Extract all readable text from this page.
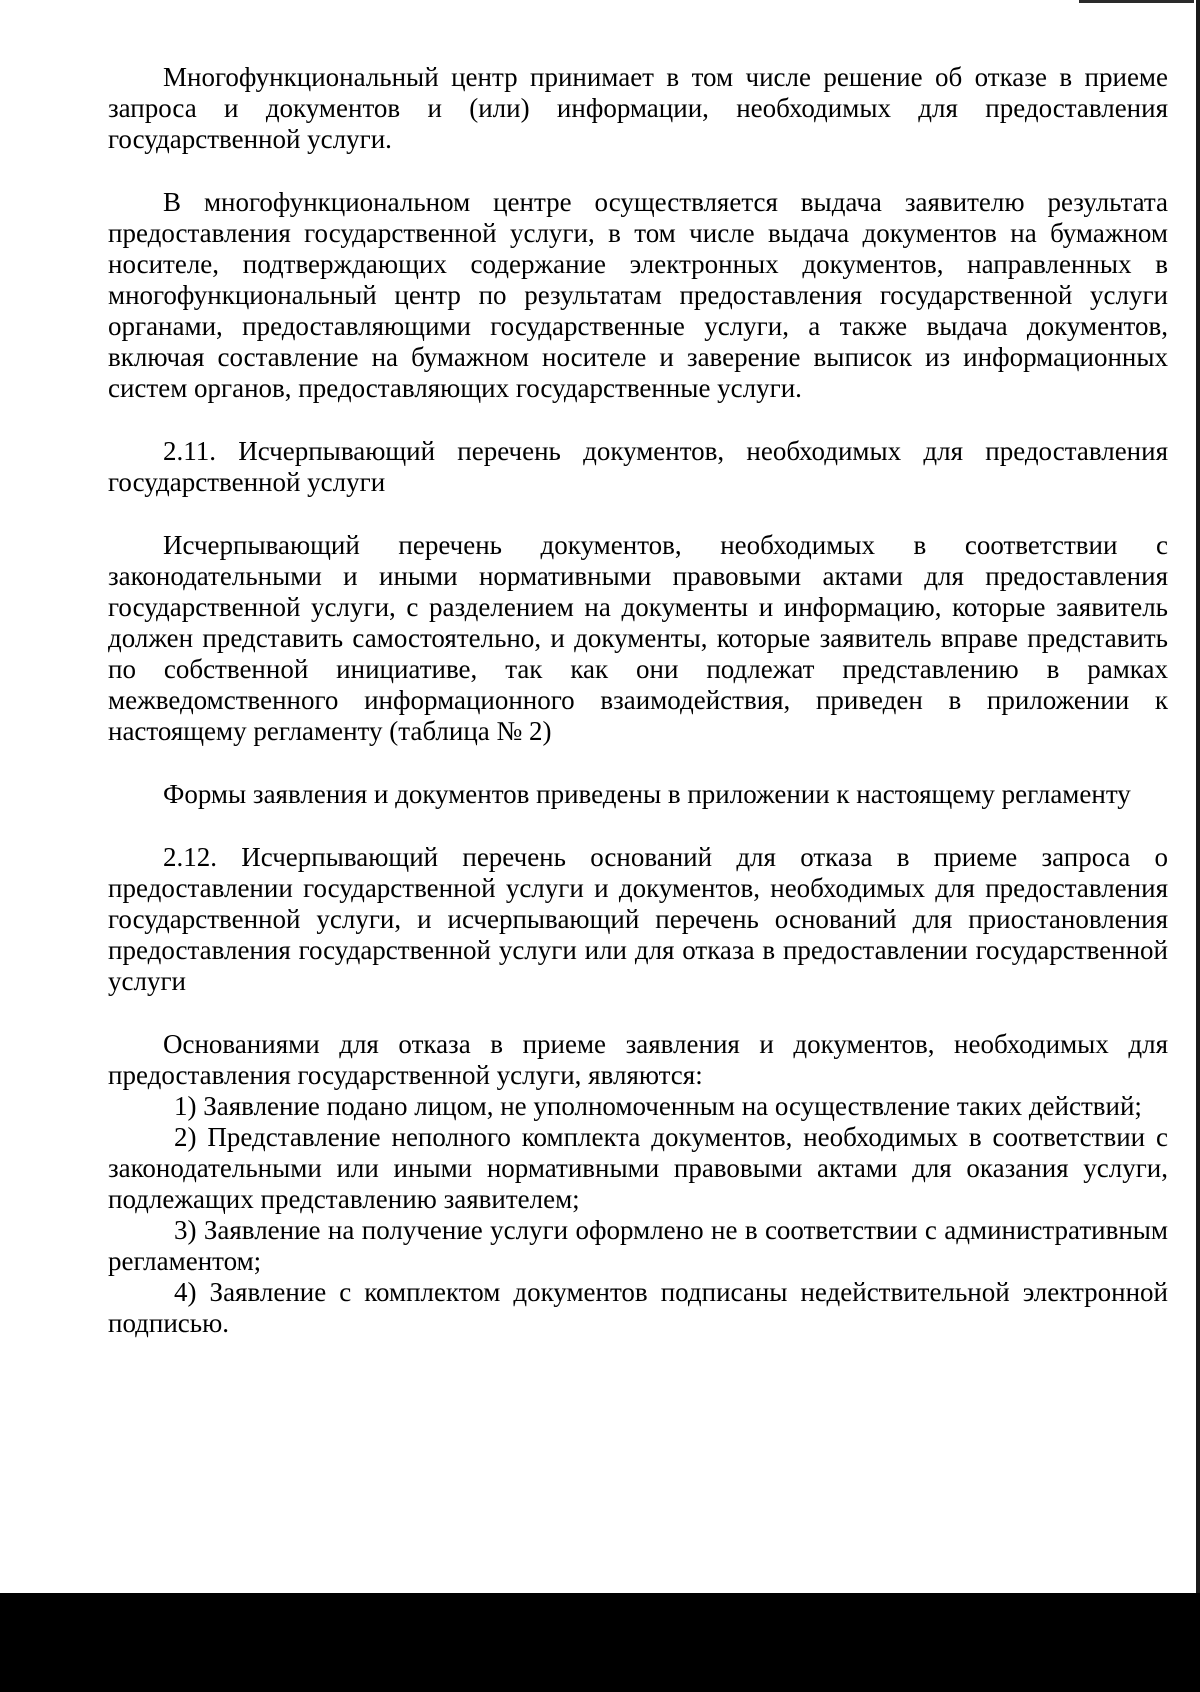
Многофункциональный центр принимает в том числе решение об отказе в приеме запроса и документов и (или) информации, необходимых для предоставления государственной услуги.

В многофункциональном центре осуществляется выдача заявителю результата предоставления государственной услуги, в том числе выдача документов на бумажном носителе, подтверждающих содержание электронных документов, направленных в многофункциональный центр по результатам предоставления государственной услуги органами, предоставляющими государственные услуги, а также выдача документов, включая составление на бумажном носителе и заверение выписок из информационных систем органов, предоставляющих государственные услуги.

2.11. Исчерпывающий перечень документов, необходимых для предоставления государственной услуги

Исчерпывающий перечень документов, необходимых в соответствии с законодательными и иными нормативными правовыми актами для предоставления государственной услуги, с разделением на документы и информацию, которые заявитель должен представить самостоятельно, и документы, которые заявитель вправе представить по собственной инициативе, так как они подлежат представлению в рамках межведомственного информационного взаимодействия, приведен в приложении к настоящему регламенту (таблица № 2)

Формы заявления и документов приведены в приложении к настоящему регламенту

2.12. Исчерпывающий перечень оснований для отказа в приеме запроса о предоставлении государственной услуги и документов, необходимых для предоставления государственной услуги, и исчерпывающий перечень оснований для приостановления предоставления государственной услуги или для отказа в предоставлении государственной услуги

Основаниями для отказа в приеме заявления и документов, необходимых для предоставления государственной услуги, являются:

1) Заявление подано лицом, не уполномоченным на осуществление таких действий;

2) Представление неполного комплекта документов, необходимых в соответствии с законодательными или иными нормативными правовыми актами для оказания услуги, подлежащих представлению заявителем;

3) Заявление на получение услуги оформлено не в соответствии с административным регламентом;

4) Заявление с комплектом документов подписаны недействительной электронной подписью.
